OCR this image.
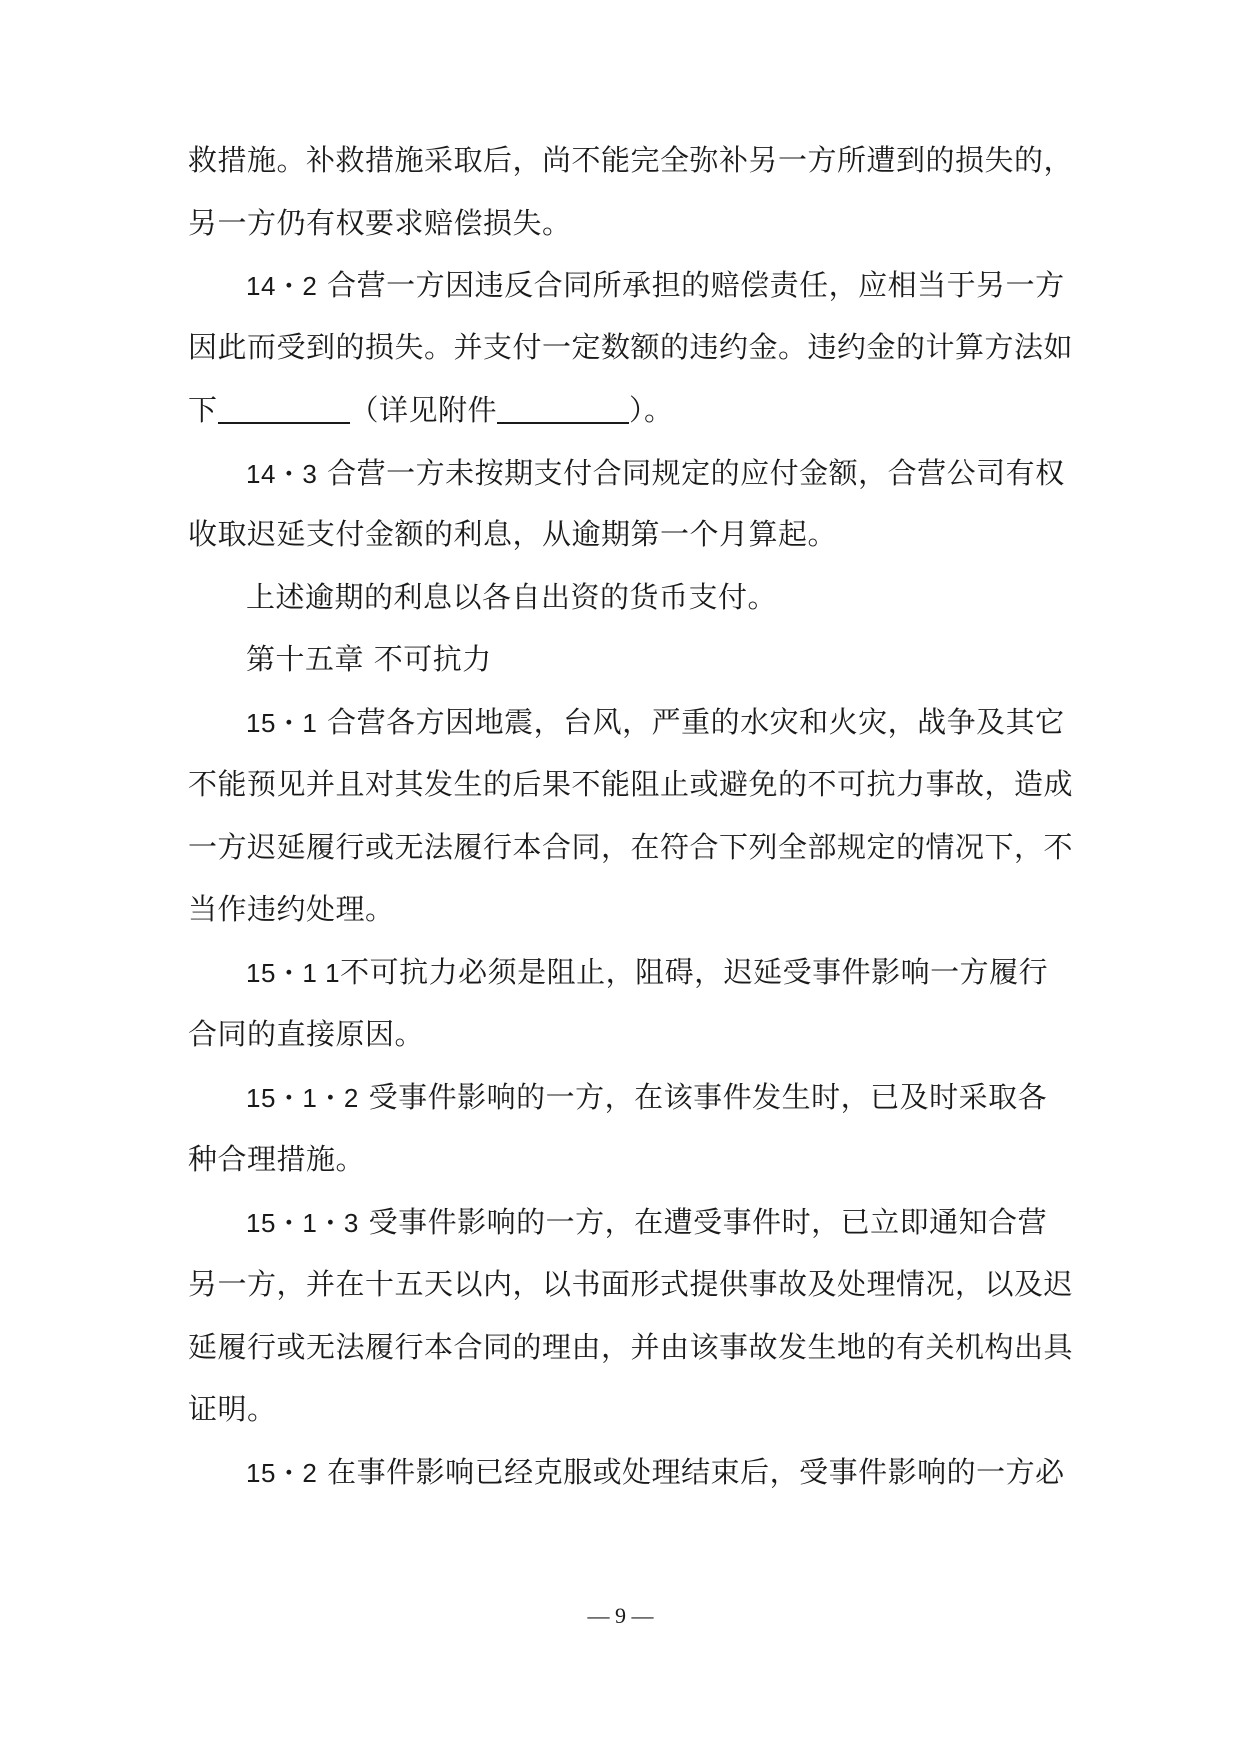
救措施。补救措施采取后，尚不能完全弥补另一方所遭到的损失的，
另一方仍有权要求赔偿损失。
14・2 合营一方因违反合同所承担的赔偿责任，应相当于另一方
因此而受到的损失。并支付一定数额的违约金。违约金的计算方法如
下	（详见附件	）。
14・3 合营一方未按期支付合同规定的应付金额，合营公司有权
收取迟延支付金额的利息，从逾期第一个月算起。
上述逾期的利息以各自出资的货币支付。
第十五章 不可抗力
15・1 合营各方因地震，台风，严重的水灾和火灾，战争及其它
不能预见并且对其发生的后果不能阻止或避免的不可抗力事故，造成
一方迟延履行或无法履行本合同，在符合下列全部规定的情况下，不
当作违约处理。
15・1 1不可抗力必须是阻止，阻碍，迟延受事件影响一方履行
合同的直接原因。
15・1・2 受事件影响的一方，在该事件发生时，已及时采取各
种合理措施。
15・1・3 受事件影响的一方，在遭受事件时，已立即通知合营
另一方，并在十五天以内，以书面形式提供事故及处理情况，以及迟
延履行或无法履行本合同的理由，并由该事故发生地的有关机构出具
证明。
15・2 在事件影响已经克服或处理结束后，受事件影响的一方必
— 9 —
